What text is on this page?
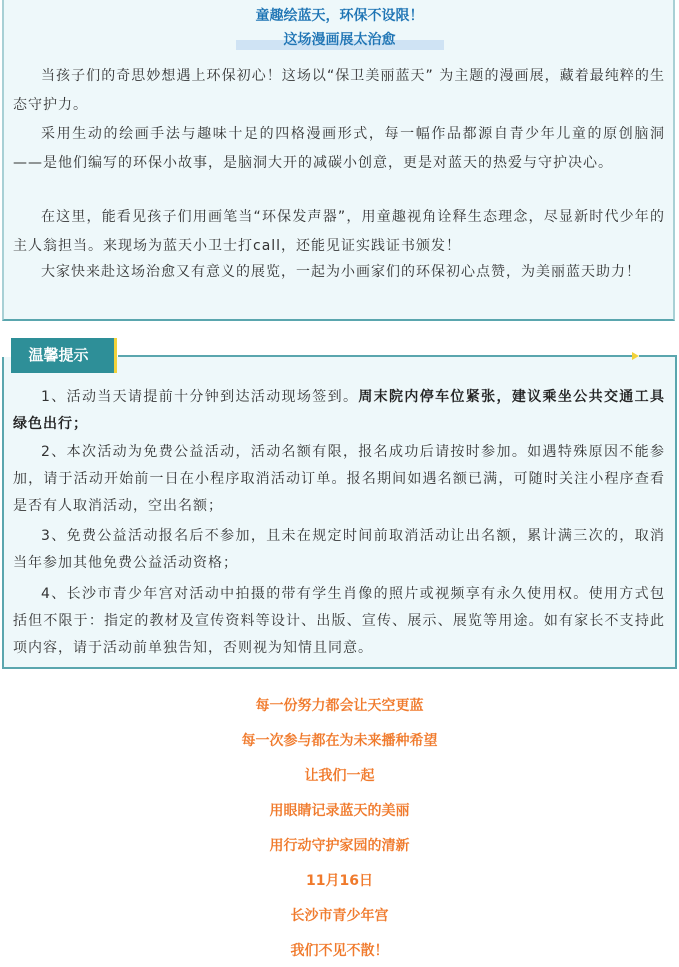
童趣绘蓝天，环保不设限！
这场漫画展太治愈

当孩子们的奇思妙想遇上环保初心！这场以“保卫美丽蓝天” 为主题的漫画展，藏着最纯粹的生态守护力。

采用生动的绘画手法与趣味十足的四格漫画形式，每一幅作品都源自青少年儿童的原创脑洞——是他们编写的环保小故事，是脑洞大开的减碳小创意，更是对蓝天的热爱与守护决心。

在这里，能看见孩子们用画笔当“环保发声器”，用童趣视角诠释生态理念，尽显新时代少年的主人翁担当。来现场为蓝天小卫士打call，还能见证实践证书颁发！

大家快来赴这场治愈又有意义的展览，一起为小画家们的环保初心点赞，为美丽蓝天助力！

温馨提示

1、活动当天请提前十分钟到达活动现场签到。周末院内停车位紧张，建议乘坐公共交通工具绿色出行；

2、本次活动为免费公益活动，活动名额有限，报名成功后请按时参加。如遇特殊原因不能参加，请于活动开始前一日在小程序取消活动订单。报名期间如遇名额已满，可随时关注小程序查看是否有人取消活动，空出名额；

3、免费公益活动报名后不参加，且未在规定时间前取消活动让出名额，累计满三次的，取消当年参加其他免费公益活动资格；

4、长沙市青少年宫对活动中拍摄的带有学生肖像的照片或视频享有永久使用权。使用方式包括但不限于：指定的教材及宣传资料等设计、出版、宣传、展示、展览等用途。如有家长不支持此项内容，请于活动前单独告知，否则视为知情且同意。

每一份努力都会让天空更蓝
每一次参与都在为未来播种希望
让我们一起
用眼睛记录蓝天的美丽
用行动守护家园的清新
11月16日
长沙市青少年宫
我们不见不散！
